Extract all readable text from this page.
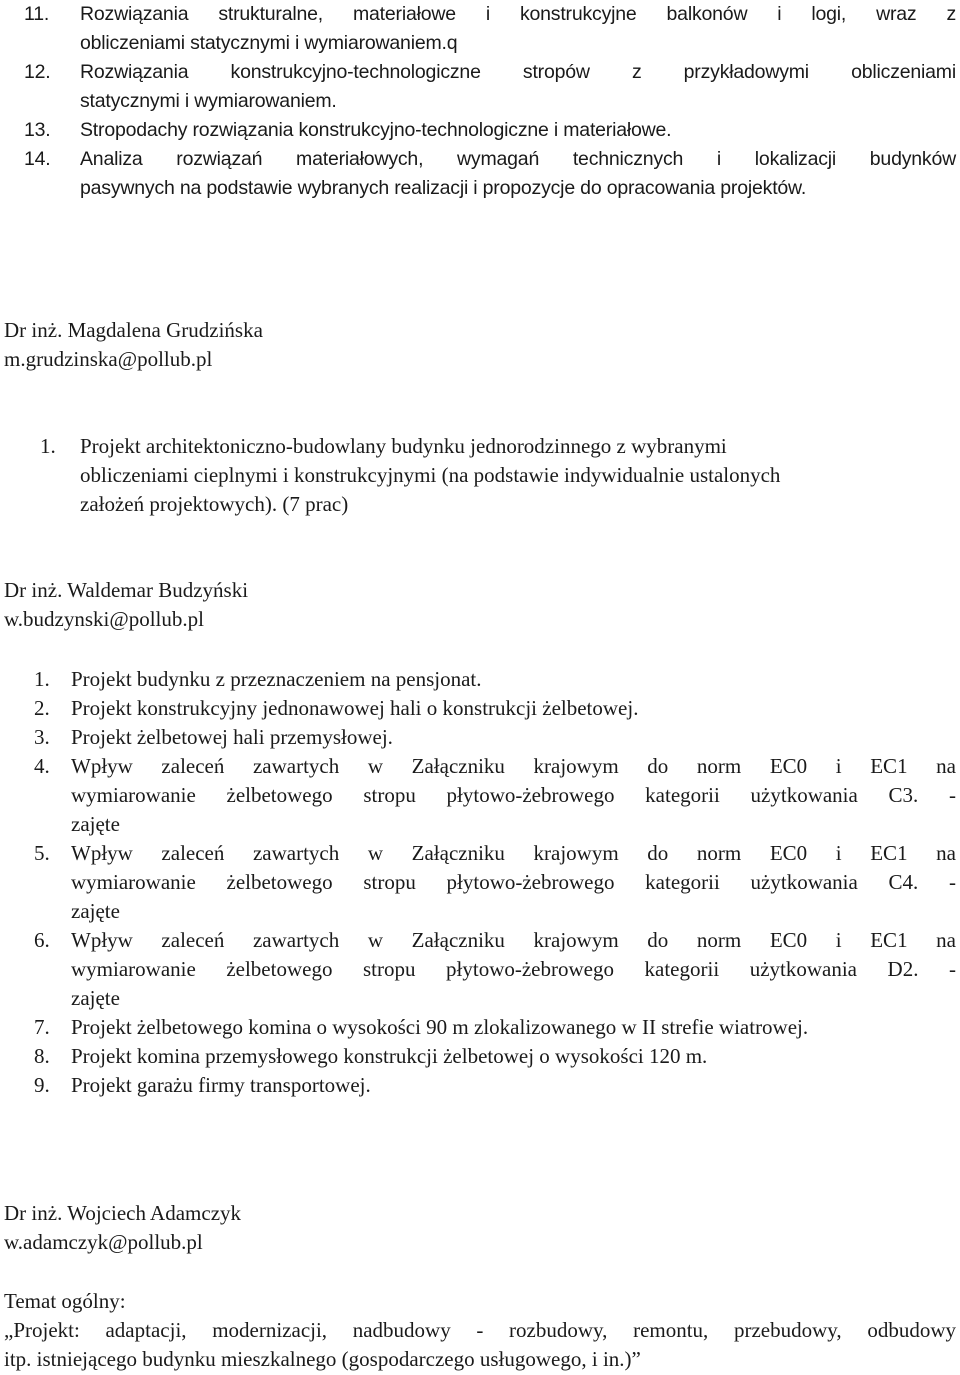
11.	Rozwiązania strukturalne, materiałowe i konstrukcyjne balkonów i logi, wraz z
obliczeniami statycznymi i wymiarowaniem.q
12.	Rozwiązania konstrukcyjno-technologiczne stropów z przykładowymi obliczeniami
statycznymi i wymiarowaniem.
13.	Stropodachy rozwiązania konstrukcyjno-technologiczne i materiałowe.
14.	Analiza rozwiązań materiałowych, wymagań technicznych i lokalizacji budynków
pasywnych na podstawie wybranych realizacji i propozycje do opracowania projektów.
Dr inż. Magdalena Grudzińska
m.grudzinska@pollub.pl
1.	Projekt architektoniczno-budowlany budynku jednorodzinnego z wybranymi
obliczeniami cieplnymi i konstrukcyjnymi (na podstawie indywidualnie ustalonych
założeń projektowych). (7 prac)
Dr inż. Waldemar Budzyński
w.budzynski@pollub.pl
1.	Projekt budynku z przeznaczeniem na pensjonat.
2.	Projekt konstrukcyjny jednonawowej hali o konstrukcji żelbetowej.
3.	Projekt żelbetowej hali przemysłowej.
4.	Wpływ zaleceń zawartych w Załączniku krajowym do norm EC0 i EC1 na
wymiarowanie żelbetowego stropu płytowo-żebrowego kategorii użytkowania C3. -
zajęte
5.	Wpływ zaleceń zawartych w Załączniku krajowym do norm EC0 i EC1 na
wymiarowanie żelbetowego stropu płytowo-żebrowego kategorii użytkowania C4. -
zajęte
6.	Wpływ zaleceń zawartych w Załączniku krajowym do norm EC0 i EC1 na
wymiarowanie żelbetowego stropu płytowo-żebrowego kategorii użytkowania D2. -
zajęte
7.	Projekt żelbetowego komina o wysokości 90 m zlokalizowanego w II strefie wiatrowej.
8.	Projekt komina przemysłowego konstrukcji żelbetowej o wysokości 120 m.
9.	Projekt garażu firmy transportowej.
Dr inż. Wojciech Adamczyk
w.adamczyk@pollub.pl
Temat ogólny:
„Projekt: adaptacji, modernizacji, nadbudowy - rozbudowy, remontu, przebudowy, odbudowy
itp. istniejącego budynku mieszkalnego (gospodarczego usługowego, i in.)”
